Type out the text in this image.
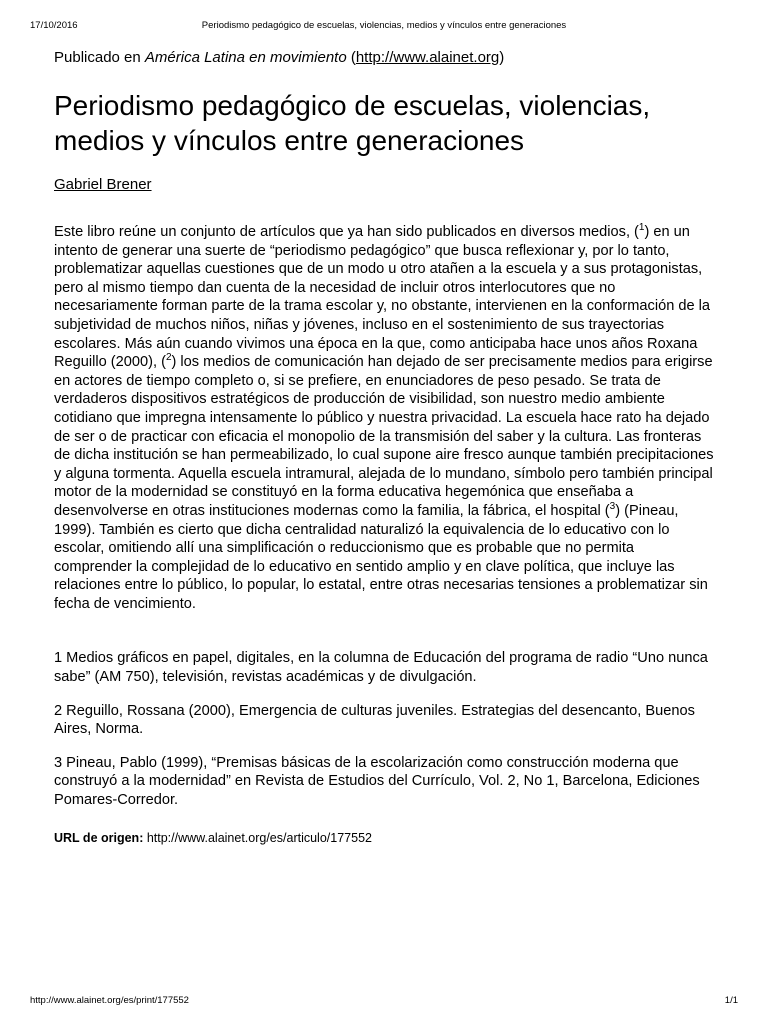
17/10/2016	Periodismo pedagógico de escuelas, violencias, medios y vínculos entre generaciones

Publicado en América Latina en movimiento (http://www.alainet.org)

Periodismo pedagógico de escuelas, violencias, medios y vínculos entre generaciones

Gabriel Brener

Este libro reúne un conjunto de artículos que ya han sido publicados en diversos medios, ($^1$) en un intento de generar una suerte de “periodismo pedagógico” que busca reflexionar y, por lo tanto, problematizar aquellas cuestiones que de un modo u otro atañen a la escuela y a sus protagonistas, pero al mismo tiempo dan cuenta de la necesidad de incluir otros interlocutores que no necesariamente forman parte de la trama escolar y, no obstante, intervienen en la conformación de la subjetividad de muchos niños, niñas y jóvenes, incluso en el sostenimiento de sus trayectorias escolares. Más aún cuando vivimos una época en la que, como anticipaba hace unos años Roxana Reguillo (2000), ($^2$) los medios de comunicación han dejado de ser precisamente medios para erigirse en actores de tiempo completo o, si se prefiere, en enunciadores de peso pesado. Se trata de verdaderos dispositivos estratégicos de producción de visibilidad, son nuestro medio ambiente cotidiano que impregna intensamente lo público y nuestra privacidad. La escuela hace rato ha dejado de ser o de practicar con eficacia el monopolio de la transmisión del saber y la cultura. Las fronteras de dicha institución se han permeabilizado, lo cual supone aire fresco aunque también precipitaciones y alguna tormenta. Aquella escuela intramural, alejada de lo mundano, símbolo pero también principal motor de la modernidad se constituyó en la forma educativa hegemónica que enseñaba a desenvolverse en otras instituciones modernas como la familia, la fábrica, el hospital ($^3$) (Pineau, 1999). También es cierto que dicha centralidad naturalizó la equivalencia de lo educativo con lo escolar, omitiendo allí una simplificación o reduccionismo que es probable que no permita comprender la complejidad de lo educativo en sentido amplio y en clave política, que incluye las relaciones entre lo público, lo popular, lo estatal, entre otras necesarias tensiones a problematizar sin fecha de vencimiento.

1 Medios gráficos en papel, digitales, en la columna de Educación del programa de radio “Uno nunca sabe” (AM 750), televisión, revistas académicas y de divulgación.

2 Reguillo, Rossana (2000), Emergencia de culturas juveniles. Estrategias del desencanto, Buenos Aires, Norma.

3 Pineau, Pablo (1999), “Premisas básicas de la escolarización como construcción moderna que construyó a la modernidad” en Revista de Estudios del Currículo, Vol. 2, No 1, Barcelona, Ediciones Pomares-Corredor.

URL de origen: http://www.alainet.org/es/articulo/177552
http://www.alainet.org/es/print/177552	1/1
